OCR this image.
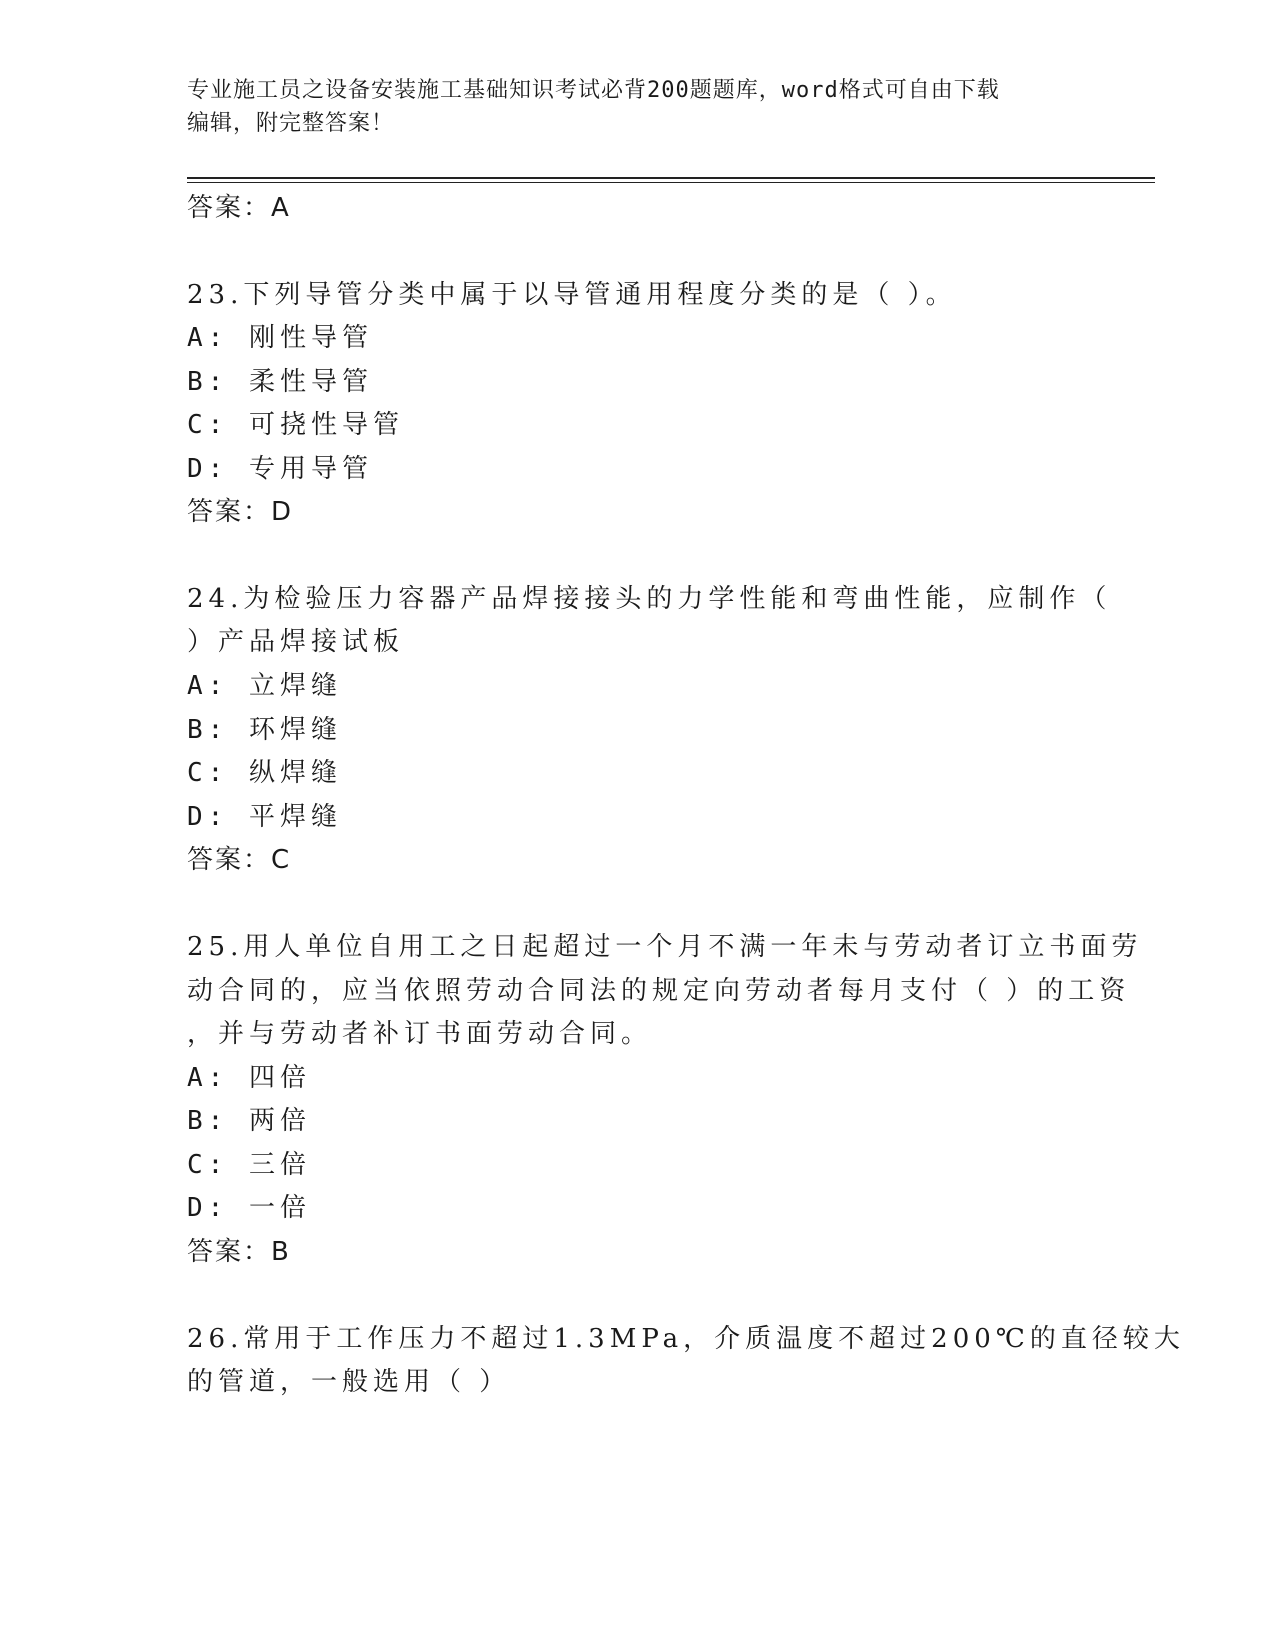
专业施工员之设备安装施工基础知识考试必背200题题库，word格式可自由下载
编辑，附完整答案！
答案：A
23.下列导管分类中属于以导管通用程度分类的是（ ）。
A: 刚性导管
B: 柔性导管
C: 可挠性导管
D: 专用导管
答案：D
24.为检验压力容器产品焊接接头的力学性能和弯曲性能，应制作（
）产品焊接试板
A: 立焊缝
B: 环焊缝
C: 纵焊缝
D: 平焊缝
答案：C
25.用人单位自用工之日起超过一个月不满一年未与劳动者订立书面劳
动合同的，应当依照劳动合同法的规定向劳动者每月支付（ ）的工资
，并与劳动者补订书面劳动合同。
A: 四倍
B: 两倍
C: 三倍
D: 一倍
答案：B
26.常用于工作压力不超过1.3MPa，介质温度不超过200℃的直径较大
的管道，一般选用（ ）
